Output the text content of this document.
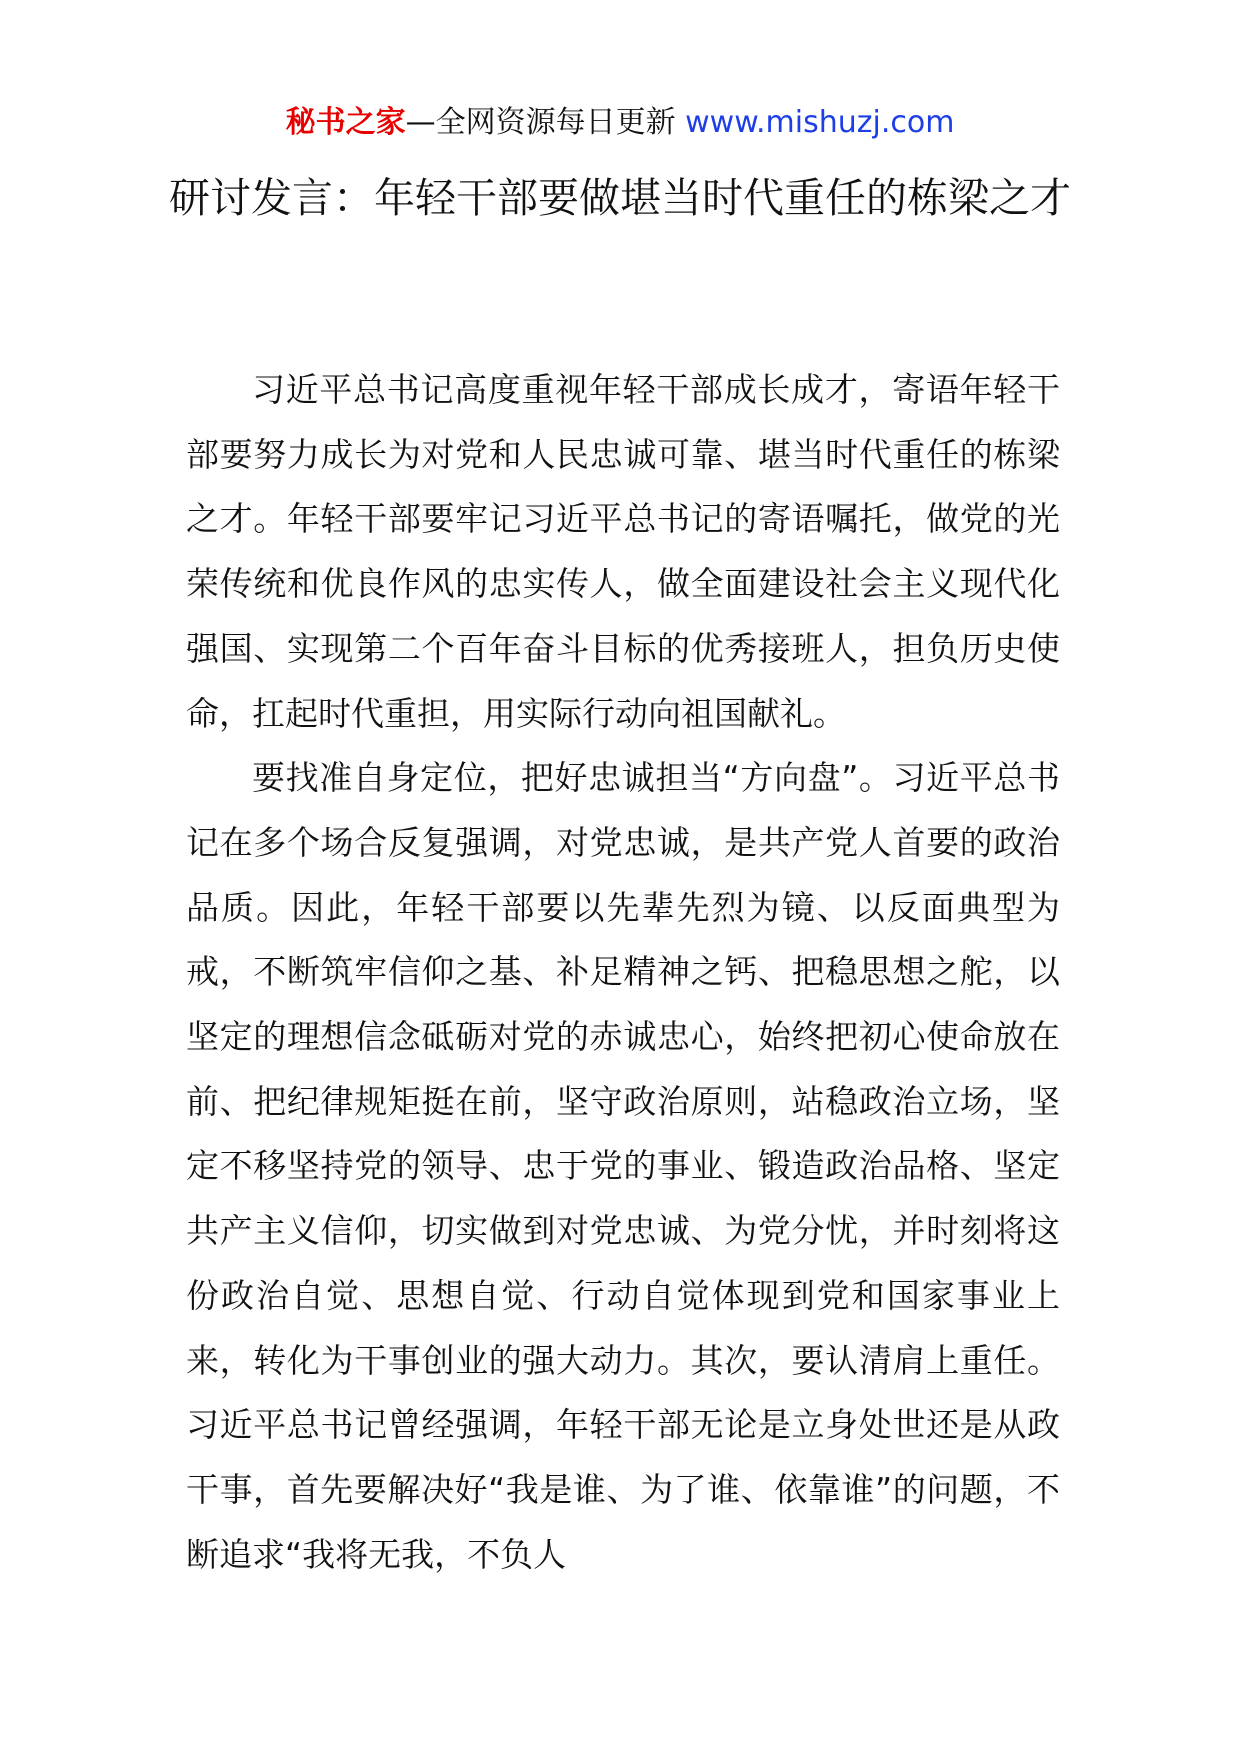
秘书之家—全网资源每日更新 www.mishuzj.com
研讨发言：年轻干部要做堪当时代重任的栋梁之才

习近平总书记高度重视年轻干部成长成才，寄语年轻干部要努力成长为对党和人民忠诚可靠、堪当时代重任的栋梁之才。年轻干部要牢记习近平总书记的寄语嘱托，做党的光荣传统和优良作风的忠实传人，做全面建设社会主义现代化强国、实现第二个百年奋斗目标的优秀接班人，担负历史使命，扛起时代重担，用实际行动向祖国献礼。

要找准自身定位，把好忠诚担当“方向盘”。习近平总书记在多个场合反复强调，对党忠诚，是共产党人首要的政治品质。因此，年轻干部要以先辈先烈为镜、以反面典型为戒，不断筑牢信仰之基、补足精神之钙、把稳思想之舵，以坚定的理想信念砥砺对党的赤诚忠心，始终把初心使命放在前、把纪律规矩挺在前，坚守政治原则，站稳政治立场，坚定不移坚持党的领导、忠于党的事业、锻造政治品格、坚定共产主义信仰，切实做到对党忠诚、为党分忧，并时刻将这份政治自觉、思想自觉、行动自觉体现到党和国家事业上来，转化为干事创业的强大动力。其次，要认清肩上重任。习近平总书记曾经强调，年轻干部无论是立身处世还是从政干事，首先要解决好“我是谁、为了谁、依靠谁”的问题，不断追求“我将无我，不负人
